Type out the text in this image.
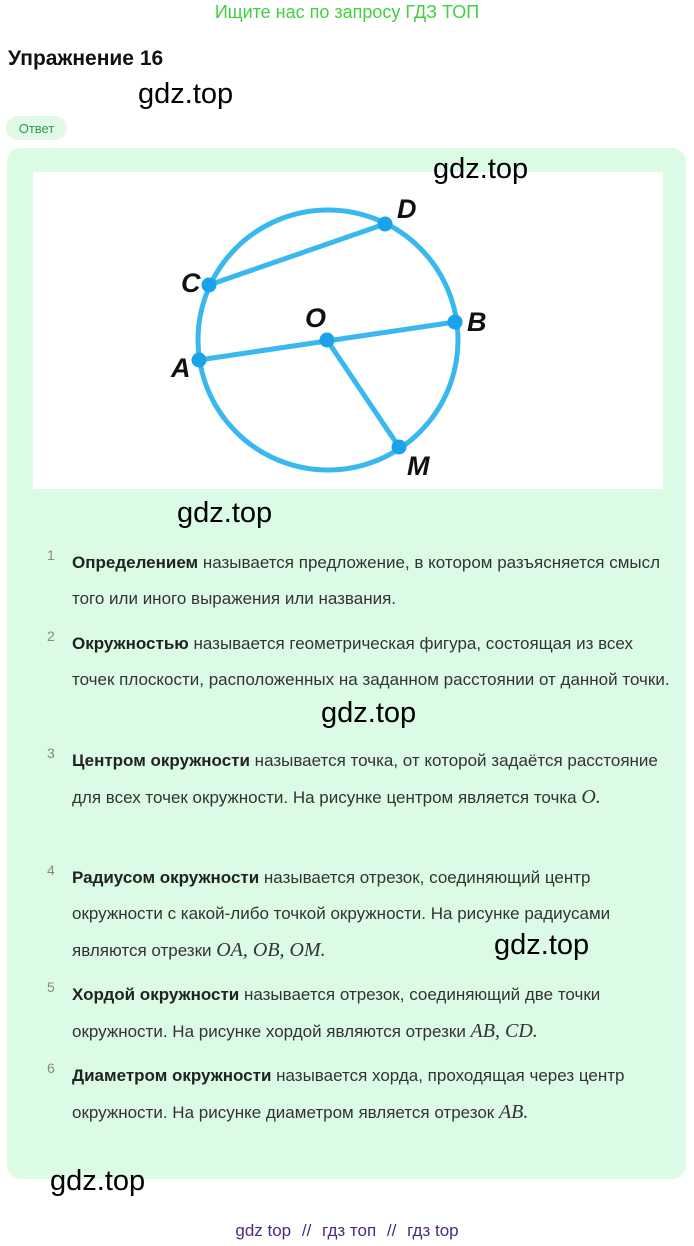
Ищите нас по запросу ГДЗ ТОП
Упражнение 16
gdz.top
Ответ
D
C
O	B
A
M
gdz.top
gdz.top
1 Определением называется предложение, в котором разъясняется смысл того или иного выражения или названия.
2 Окружностью называется геометрическая фигура, состоящая из всех точек плоскости, расположенных на заданном расстоянии от данной точки.
3 Центром окружности называется точка, от которой задаётся расстояние для всех точек окружности. На рисунке центром является точка O.
4 Радиусом окружности называется отрезок, соединяющий центр окружности с какой-либо точкой окружности. На рисунке радиусами являются отрезки OA, OB, OM.
5 Хордой окружности называется отрезок, соединяющий две точки окружности. На рисунке хордой являются отрезки AB, CD.
6 Диаметром окружности называется хорда, проходящая через центр окружности. На рисунке диаметром является отрезок AB.
gdz.top
gdz.top
gdz.top
gdz top // гдз топ // гдз top
